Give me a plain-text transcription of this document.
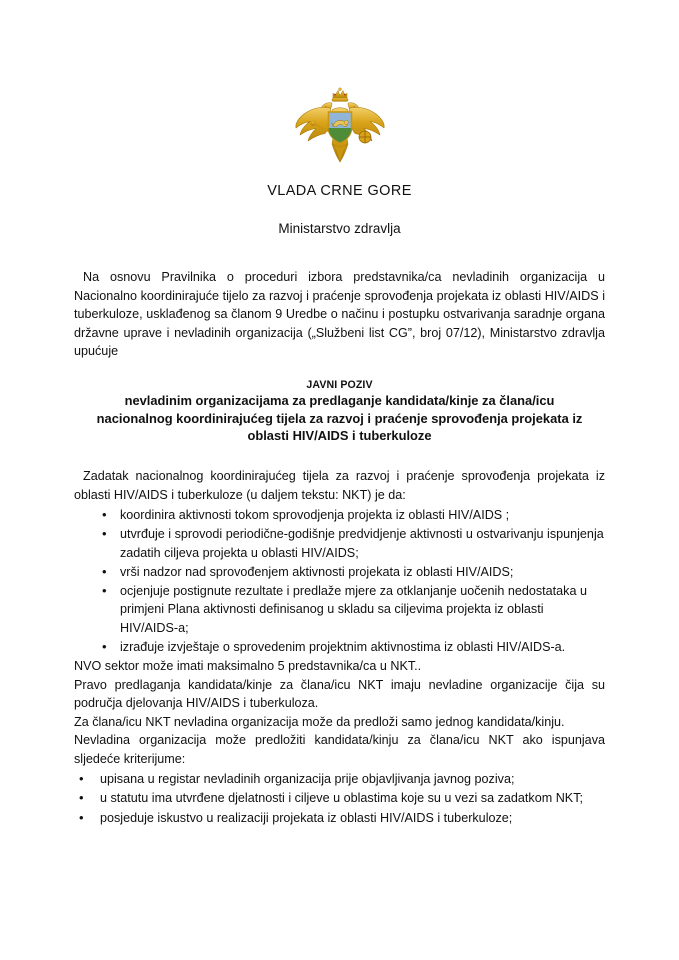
VLADA CRNE GORE
Ministarstvo zdravlja
Na osnovu Pravilnika o proceduri izbora predstavnika/ca nevladinih organizacija u Nacionalno koordinirajuće tijelo za razvoj i praćenje sprovođenja projekata iz oblasti HIV/AIDS i tuberkuloze, usklađenog sa članom 9 Uredbe o načinu i postupku ostvarivanja saradnje organa državne uprave i nevladinih organizacija („Službeni list CG”, broj 07/12), Ministarstvo zdravlja upućuje
JAVNI POZIV
nevladinim organizacijama za predlaganje kandidata/kinje za člana/icu
nacionalnog koordinirajućeg tijela za razvoj i praćenje sprovođenja projekata iz
oblasti HIV/AIDS i tuberkuloze
Zadatak nacionalnog koordinirajućeg tijela za razvoj i praćenje sprovođenja projekata iz oblasti HIV/AIDS i tuberkuloze (u daljem tekstu: NKT) je da:
• koordinira aktivnosti tokom sprovodjenja projekta iz oblasti HIV/AIDS ;
• utvrđuje i sprovodi periodične-godišnje predvidjenje aktivnosti u ostvarivanju ispunjenja zadatih ciljeva projekta u oblasti HIV/AIDS;
• vrši nadzor nad sprovođenjem aktivnosti projekata iz oblasti HIV/AIDS;
• ocjenjuje postignute rezultate i predlaže mjere za otklanjanje uočenih nedostataka u primjeni Plana aktivnosti definisanog u skladu sa ciljevima projekta iz oblasti HIV/AIDS-a;
• izrađuje izvještaje o sprovedenim projektnim aktivnostima iz oblasti HIV/AIDS-a.

NVO sektor može imati maksimalno 5 predstavnika/ca u NKT..

Pravo predlaganja kandidata/kinje za člana/icu NKT imaju nevladine organizacije čija su područja djelovanja HIV/AIDS i tuberkuloza.

Za člana/icu NKT nevladina organizacija može da predloži samo jednog kandidata/kinju.

Nevladina organizacija može predložiti kandidata/kinju za člana/icu NKT ako ispunjava sljedeće kriterijume:

• upisana u registar nevladinih organizacija prije objavljivanja javnog poziva;
• u statutu ima utvrđene djelatnosti i ciljeve u oblastima koje su u vezi sa zadatkom NKT;
• posjeduje iskustvo u realizaciji projekata iz oblasti HIV/AIDS i tuberkuloze;
